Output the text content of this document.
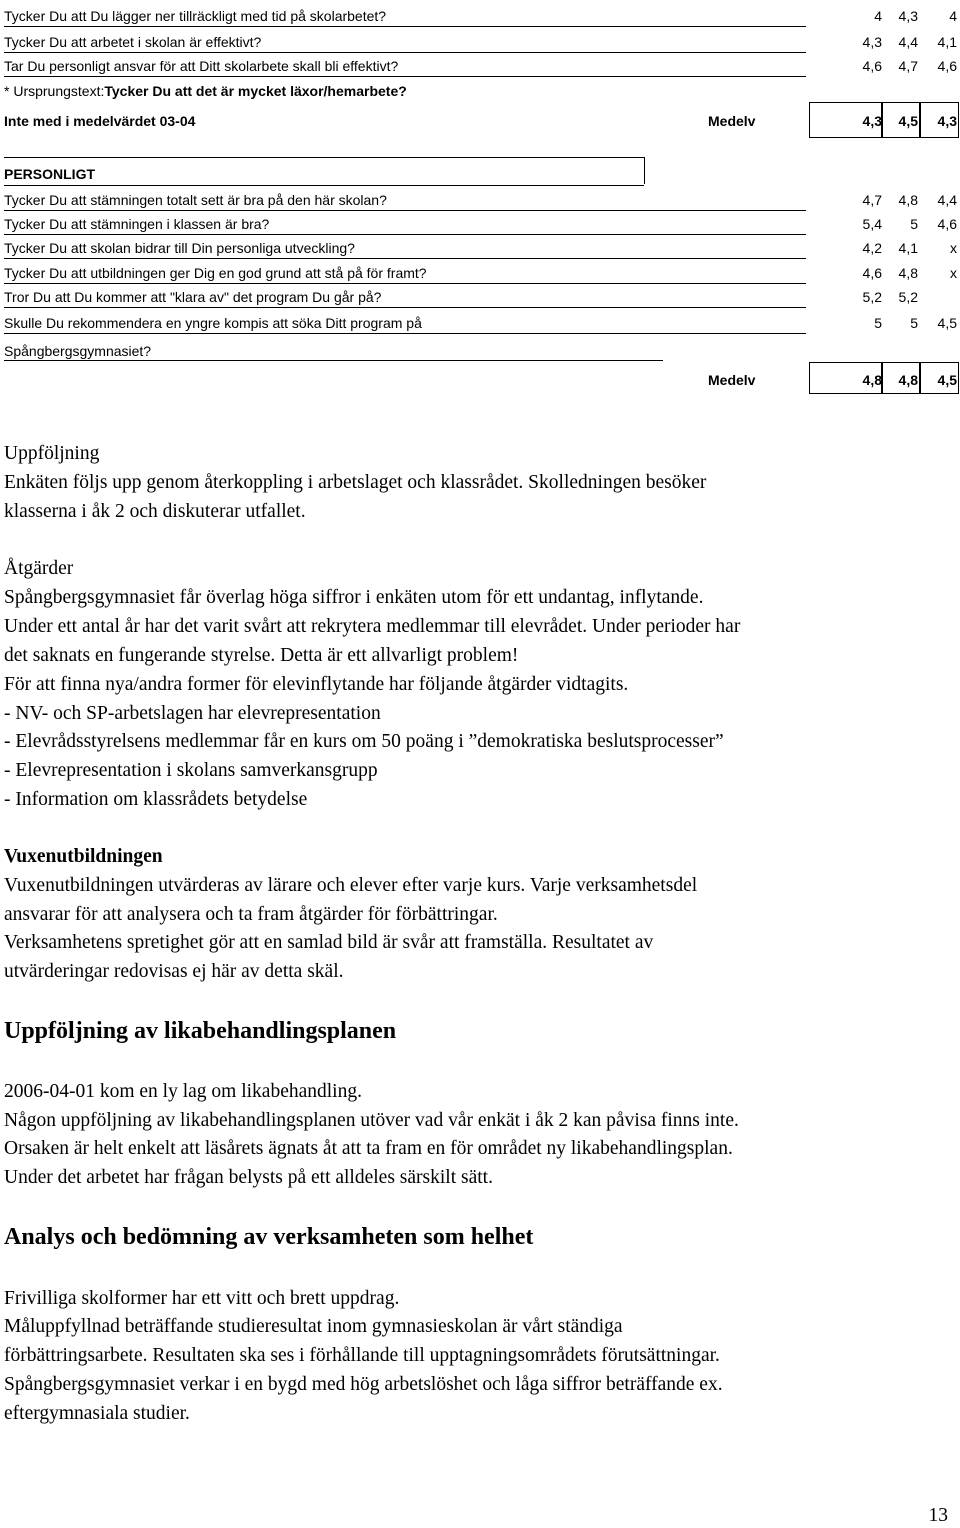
Tycker Du att Du lägger ner tillräckligt med tid på skolarbetet?	4	4,3	4
Tycker Du att arbetet i skolan är effektivt?	4,3	4,4	4,1
Tar Du personligt ansvar för att Ditt skolarbete skall bli effektivt?	4,6	4,7	4,6
* Ursprungstext:Tycker Du att det är mycket läxor/hemarbete?
Inte med i medelvärdet 03-04	Medelv	4,3	4,5	4,3
PERSONLIGT
Tycker Du att stämningen totalt sett är bra på den här skolan?	4,7	4,8	4,4
Tycker Du att stämningen i klassen är bra?	5,4	5	4,6
Tycker Du att skolan bidrar till Din personliga utveckling?	4,2	4,1	x
Tycker Du att utbildningen ger Dig en god grund att stå på för framt?	4,6	4,8	x
Tror Du att Du kommer att "klara av" det program Du går på?	5,2	5,2
Skulle Du rekommendera en yngre kompis att söka Ditt program på	5	5	4,5
Spångbergsgymnasiet?
Medelv	4,8	4,8	4,5
Uppföljning
Enkäten följs upp genom återkoppling i arbetslaget och klassrådet. Skolledningen besöker
klasserna i åk 2 och diskuterar utfallet.
Åtgärder
Spångbergsgymnasiet får överlag höga siffror i enkäten utom för ett undantag, inflytande.
Under ett antal år har det varit svårt att rekrytera medlemmar till elevrådet. Under perioder har
det saknats en fungerande styrelse. Detta är ett allvarligt problem!
För att finna nya/andra former för elevinflytande har följande åtgärder vidtagits.
- NV- och SP-arbetslagen har elevrepresentation
- Elevrådsstyrelsens medlemmar får en kurs om 50 poäng i ”demokratiska beslutsprocesser”
- Elevrepresentation i skolans samverkansgrupp
- Information om klassrådets betydelse
Vuxenutbildningen
Vuxenutbildningen utvärderas av lärare och elever efter varje kurs. Varje verksamhetsdel
ansvarar för att analysera och ta fram åtgärder för förbättringar.
Verksamhetens spretighet gör att en samlad bild är svår att framställa. Resultatet av
utvärderingar redovisas ej här av detta skäl.
Uppföljning av likabehandlingsplanen
2006-04-01 kom en ly lag om likabehandling.
Någon uppföljning av likabehandlingsplanen utöver vad vår enkät i åk 2 kan påvisa finns inte.
Orsaken är helt enkelt att läsårets ägnats åt att ta fram en för området ny likabehandlingsplan.
Under det arbetet har frågan belysts på ett alldeles särskilt sätt.
Analys och bedömning av verksamheten som helhet
Frivilliga skolformer har ett vitt och brett uppdrag.
Måluppfyllnad beträffande studieresultat inom gymnasieskolan är vårt ständiga
förbättringsarbete. Resultaten ska ses i förhållande till upptagningsområdets förutsättningar.
Spångbergsgymnasiet verkar i en bygd med hög arbetslöshet och låga siffror beträffande ex.
eftergymnasiala studier.
13
